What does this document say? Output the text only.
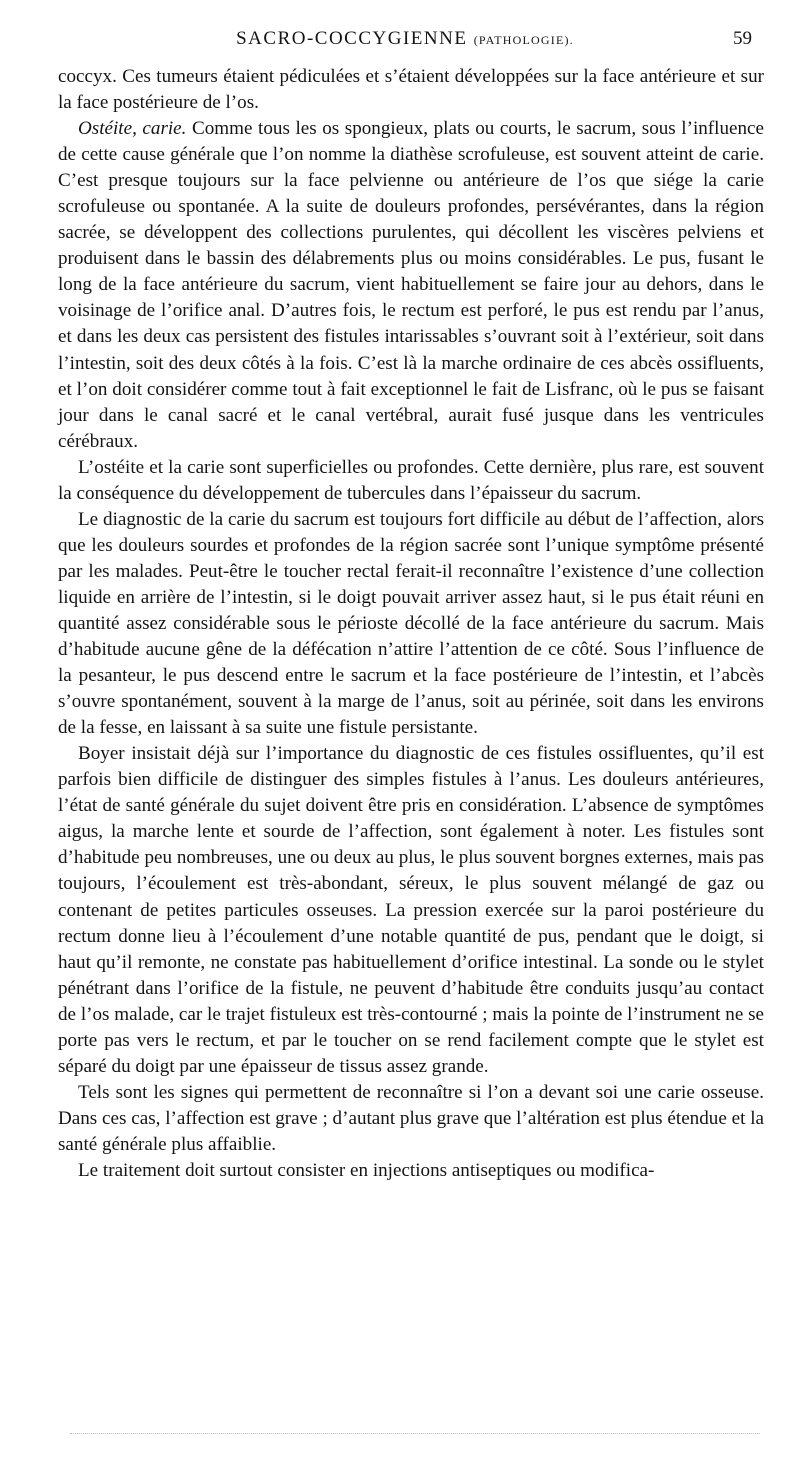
SACRO-COCCYGIENNE (PATHOLOGIE).	59

coccyx. Ces tumeurs étaient pédiculées et s’étaient développées sur la face antérieure et sur la face postérieure de l’os.

Ostéite, carie. Comme tous les os spongieux, plats ou courts, le sacrum, sous l’influence de cette cause générale que l’on nomme la diathèse scrofuleuse, est souvent atteint de carie. C’est presque toujours sur la face pelvienne ou antérieure de l’os que siége la carie scrofuleuse ou spontanée. A la suite de douleurs profondes, persévérantes, dans la région sacrée, se développent des collections purulentes, qui décollent les viscères pelviens et produisent dans le bassin des délabrements plus ou moins considérables. Le pus, fusant le long de la face antérieure du sacrum, vient habituellement se faire jour au dehors, dans le voisinage de l’orifice anal. D’autres fois, le rectum est perforé, le pus est rendu par l’anus, et dans les deux cas persistent des fistules intarissables s’ouvrant soit à l’extérieur, soit dans l’intestin, soit des deux côtés à la fois. C’est là la marche ordinaire de ces abcès ossifluents, et l’on doit considérer comme tout à fait exceptionnel le fait de Lisfranc, où le pus se faisant jour dans le canal sacré et le canal vertébral, aurait fusé jusque dans les ventricules cérébraux.

L’ostéite et la carie sont superficielles ou profondes. Cette dernière, plus rare, est souvent la conséquence du développement de tubercules dans l’épaisseur du sacrum.

Le diagnostic de la carie du sacrum est toujours fort difficile au début de l’affection, alors que les douleurs sourdes et profondes de la région sacrée sont l’unique symptôme présenté par les malades. Peut-être le toucher rectal ferait-il reconnaître l’existence d’une collection liquide en arrière de l’intestin, si le doigt pouvait arriver assez haut, si le pus était réuni en quantité assez considérable sous le périoste décollé de la face antérieure du sacrum. Mais d’habitude aucune gêne de la défécation n’attire l’attention de ce côté. Sous l’influence de la pesanteur, le pus descend entre le sacrum et la face postérieure de l’intestin, et l’abcès s’ouvre spontanément, souvent à la marge de l’anus, soit au périnée, soit dans les environs de la fesse, en laissant à sa suite une fistule persistante.

Boyer insistait déjà sur l’importance du diagnostic de ces fistules ossifluentes, qu’il est parfois bien difficile de distinguer des simples fistules à l’anus. Les douleurs antérieures, l’état de santé générale du sujet doivent être pris en considération. L’absence de symptômes aigus, la marche lente et sourde de l’affection, sont également à noter. Les fistules sont d’habitude peu nombreuses, une ou deux au plus, le plus souvent borgnes externes, mais pas toujours, l’écoulement est très-abondant, séreux, le plus souvent mélangé de gaz ou contenant de petites particules osseuses. La pression exercée sur la paroi postérieure du rectum donne lieu à l’écoulement d’une notable quantité de pus, pendant que le doigt, si haut qu’il remonte, ne constate pas habituellement d’orifice intestinal. La sonde ou le stylet pénétrant dans l’orifice de la fistule, ne peuvent d’habitude être conduits jusqu’au contact de l’os malade, car le trajet fistuleux est très-contourné ; mais la pointe de l’instrument ne se porte pas vers le rectum, et par le toucher on se rend facilement compte que le stylet est séparé du doigt par une épaisseur de tissus assez grande.

Tels sont les signes qui permettent de reconnaître si l’on a devant soi une carie osseuse. Dans ces cas, l’affection est grave ; d’autant plus grave que l’altération est plus étendue et la santé générale plus affaiblie.

Le traitement doit surtout consister en injections antiseptiques ou modifica-
